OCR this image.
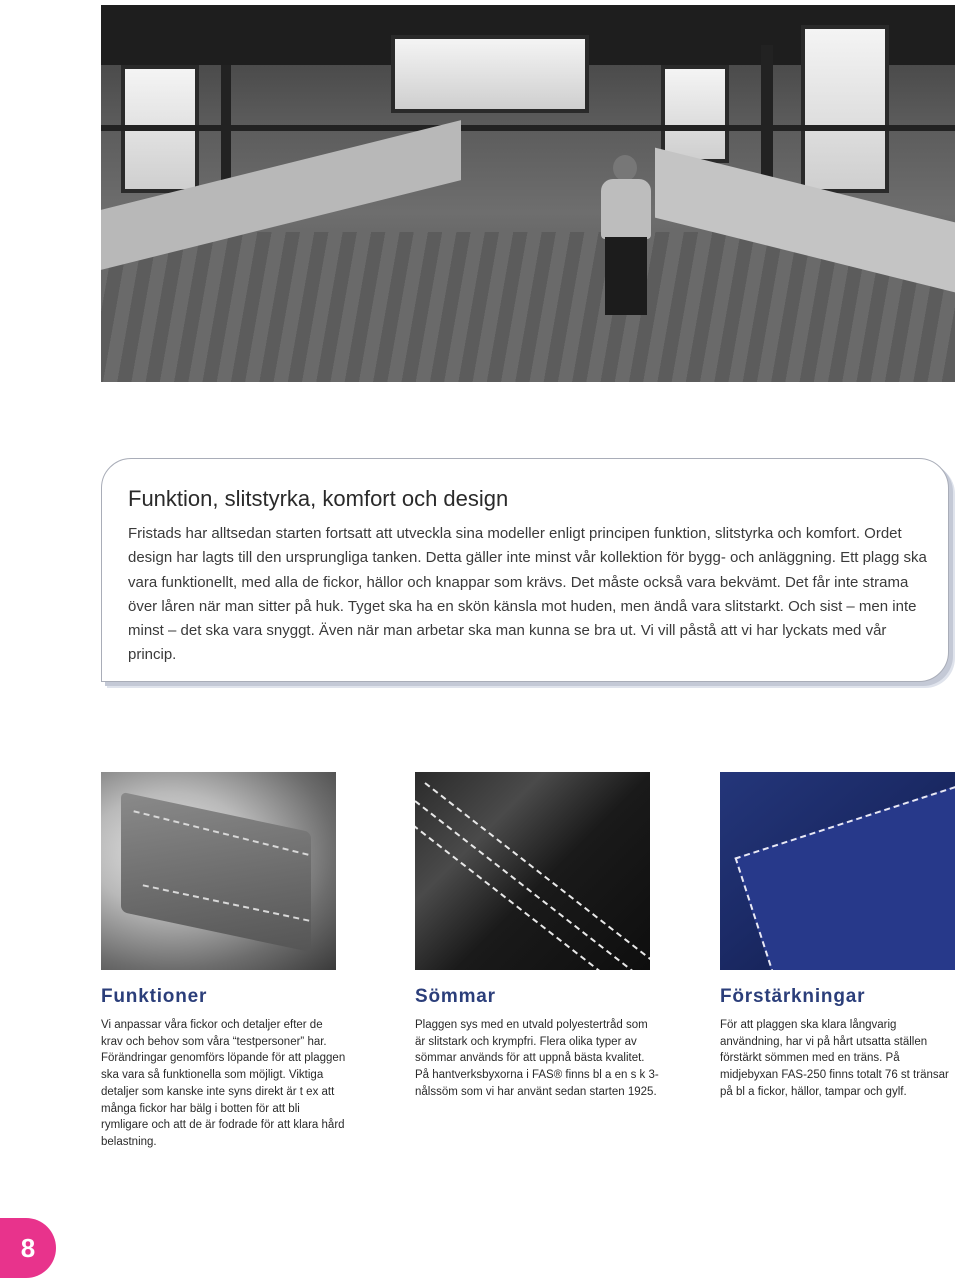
Funktion, slitstyrka, komfort och design

Fristads har alltsedan starten fortsatt att utveckla sina modeller enligt principen funktion, slitstyrka och komfort. Ordet design har lagts till den ursprungliga tanken. Detta gäller inte minst vår kollektion för bygg- och anläggning. Ett plagg ska vara funktionellt, med alla de fickor, hällor och knappar som krävs. Det måste också vara bekvämt. Det får inte strama över låren när man sitter på huk. Tyget ska ha en skön känsla mot huden, men ändå vara slitstarkt. Och sist – men inte minst – det ska vara snyggt. Även när man arbetar ska man kunna se bra ut. Vi vill påstå att vi har lyckats med vår princip.

Funktioner

Vi anpassar våra fickor och detaljer efter de krav och behov som våra “testpersoner” har. Förändringar genomförs löpande för att plaggen ska vara så funktionella som möjligt. Viktiga detaljer som kanske inte syns direkt är t ex att många fickor har bälg i botten för att bli rymligare och att de är fodrade för att klara hård belastning.

Sömmar

Plaggen sys med en utvald polyestertråd som är slitstark och krympfri. Flera olika typer av sömmar används för att uppnå bästa kvalitet. På hantverksbyxorna i FAS® finns bl a en s k 3-nålssöm som vi har använt sedan starten 1925.

Förstärkningar

För att plaggen ska klara långvarig användning, har vi på hårt utsatta ställen förstärkt sömmen med en träns. På midjebyxan FAS-250 finns totalt 76 st tränsar på bl a fickor, hällor, tampar och gylf.

8
